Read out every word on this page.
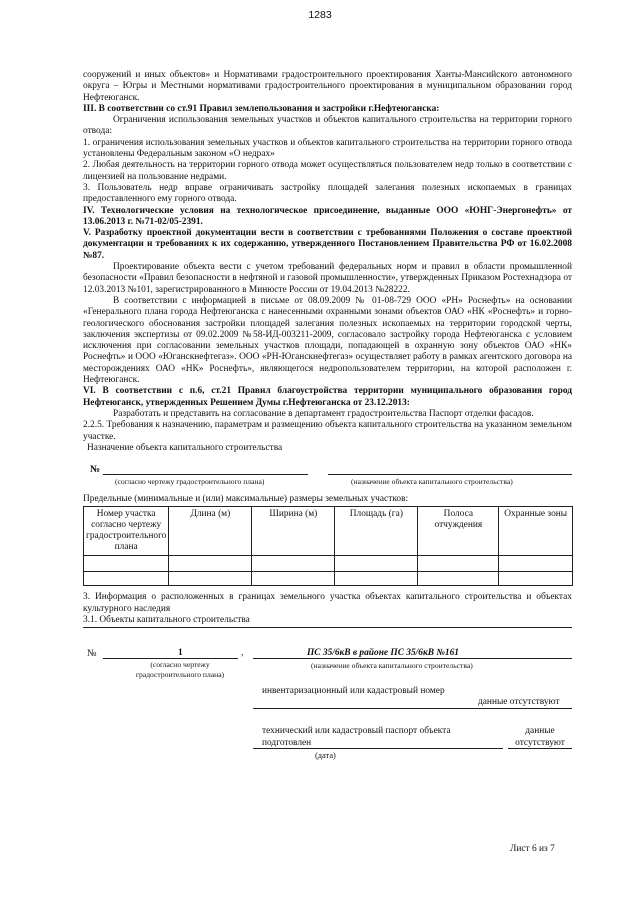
1283

сооружений и иных объектов» и Нормативами градостроительного проектирования Ханты-Мансийского автономного округа – Югры и Местными нормативами градостроительного проектирования в муниципальном образовании город Нефтеюганск.

III. В соответствии со ст.91 Правил землепользования и застройки г.Нефтеюганска:

Ограничения использования земельных участков и объектов капитального строительства на территории горного отвода:

1. ограничения использования земельных участков и объектов капитального строительства на территории горного отвода установлены Федеральным законом «О недрах»

2. Любая деятельность на территории горного отвода может осуществляться пользователем недр только в соответствии с лицензией на пользование недрами.

3. Пользователь недр вправе ограничивать застройку площадей залегания полезных ископаемых в границах предоставленного ему горного отвода.

IV. Технологические условия на технологическое присоединение, выданные ООО «ЮНГ-Энергонефть» от 13.06.2013 г. №71-02/05-2391.

V. Разработку проектной документации вести в соответствии с требованиями Положения о составе проектной документации и требованиях к их содержанию, утвержденного Постановлением Правительства РФ от 16.02.2008 №87.

Проектирование объекта вести с учетом требований федеральных норм и правил в области промышленной безопасности «Правил безопасности в нефтяной и газовой промышленности», утвержденных Приказом Ростехнадзора от 12.03.2013 №101, зарегистрированного в Минюсте России от 19.04.2013 №28222.

В соответствии с информацией в письме от 08.09.2009 № 01-08-729 ООО «РН» Роснефть» на основании «Генерального плана города Нефтеюганска с нанесенными охранными зонами объектов ОАО «НК «Роснефть» и горно-геологического обоснования застройки площадей залегания полезных ископаемых на территории городской черты, заключения экспертизы от 09.02.2009 №58-ИД-003211-2009, согласовало застройку города Нефтеюганска с условием исключения при согласовании земельных участков площади, попадающей в охранную зону объектов ОАО «НК» Роснефть» и ООО «Юганскнефтегаз». ООО «РН-Юганскнефтегаз» осуществляет работу в рамках агентского договора на месторождениях ОАО «НК» Роснефть», являющегося недропользователем территории, на которой расположен г. Нефтеюганск.

VI. В соответствии с п.6, ст.21 Правил благоустройства территории муниципального образования город Нефтеюганск, утвержденных Решением Думы г.Нефтеюганска от 23.12.2013:

Разработать и представить на согласование в департамент градостроительства Паспорт отделки фасадов.

2.2.5. Требования к назначению, параметрам и размещению объекта капитального строительства на указанном земельном участке.

Назначение объекта капитального строительства

№
(согласно чертежу градостроительного плана)	(назначение объекта капитального строительства)

Предельные (минимальные и (или) максимальные) размеры земельных участков:

Номер участка согласно чертежу градостроительного плана	Длина (м)	Ширина (м)	Площадь (га)	Полоса отчуждения	Охранные зоны

3. Информация о расположенных в границах земельного участка объектах капитального строительства и объектах культурного наследия

3.1. Объекты капитального строительства

№	1	,	ПС 35/6кВ в районе ПС 35/6кВ №161
(согласно чертежу градостроительного плана)
(назначение объекта капитального строительства)
инвентаризационный или кадастровый номер
данные отсутствуют
технический или кадастровый паспорт объекта подготовлен
данные отсутствуют
(дата)
Лист 6 из 7
